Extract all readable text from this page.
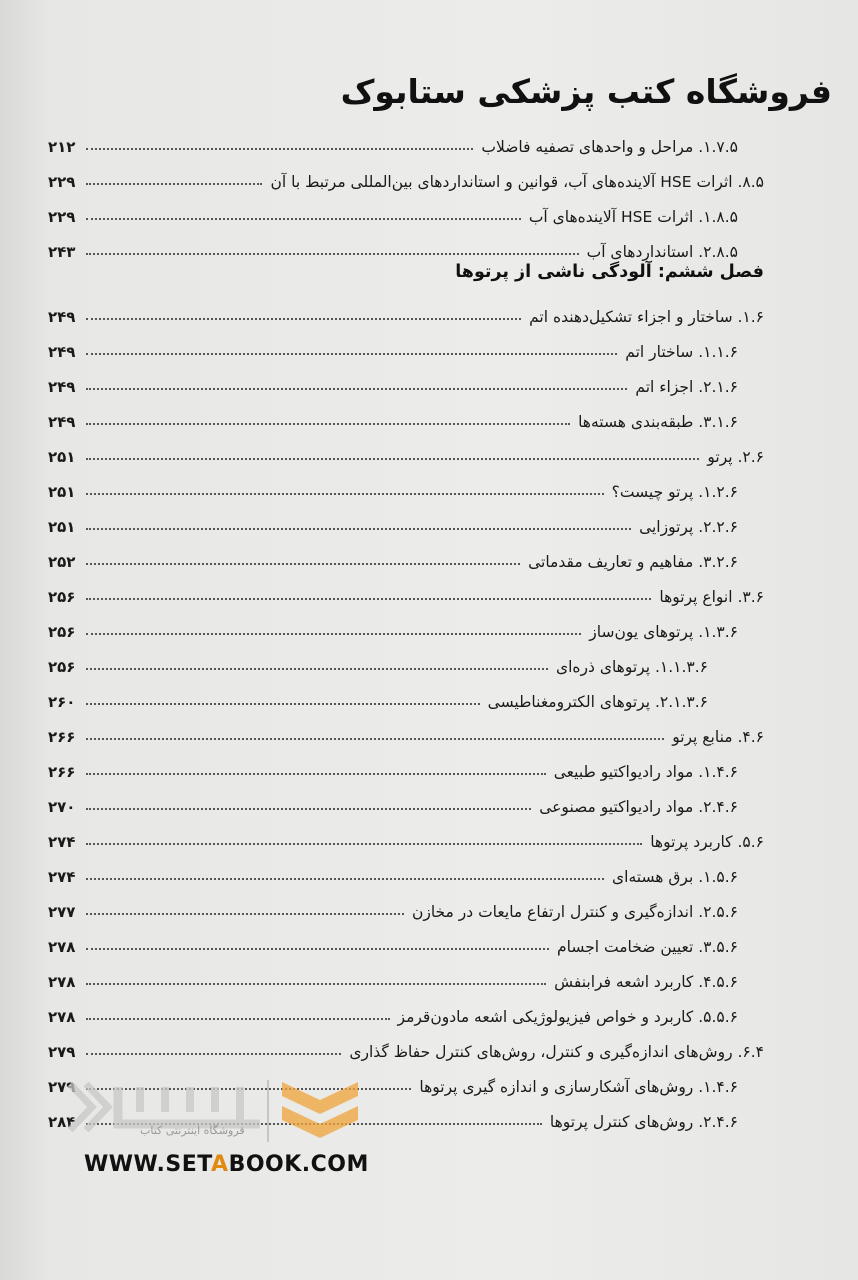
فروشگاه کتب پزشکی ستابوک
۱.۷.۵. مراحل و واحدهای تصفیه فاضلاب
۲۱۲
۸.۵. اثرات HSE آلاینده‌های آب، قوانین و استانداردهای بین‌المللی مرتبط با آن
۲۲۹
۱.۸.۵. اثرات HSE آلاینده‌های آب
۲۲۹
۲.۸.۵. استانداردهای آب
۲۴۳
فصل ششم: آلودگی ناشی از پرتوها
۱.۶. ساختار و اجزاء تشکیل‌دهنده اتم
۲۴۹
۱.۱.۶. ساختار اتم
۲۴۹
۲.۱.۶. اجزاء اتم
۲۴۹
۳.۱.۶. طبقه‌بندی هسته‌ها
۲۴۹
۲.۶. پرتو
۲۵۱
۱.۲.۶. پرتو چیست؟
۲۵۱
۲.۲.۶. پرتوزایی
۲۵۱
۳.۲.۶. مفاهیم و تعاریف مقدماتی
۲۵۲
۳.۶. انواع پرتوها
۲۵۶
۱.۳.۶. پرتوهای یون‌ساز
۲۵۶
۱.۱.۳.۶. پرتوهای ذره‌ای
۲۵۶
۲.۱.۳.۶. پرتوهای الکترومغناطیسی
۲۶۰
۴.۶. منابع پرتو
۲۶۶
۱.۴.۶. مواد رادیواکتیو طبیعی
۲۶۶
۲.۴.۶. مواد رادیواکتیو مصنوعی
۲۷۰
۵.۶. کاربرد پرتوها
۲۷۴
۱.۵.۶. برق هسته‌ای
۲۷۴
۲.۵.۶. اندازه‌گیری و کنترل ارتفاع مایعات در مخازن
۲۷۷
۳.۵.۶. تعیین ضخامت اجسام
۲۷۸
۴.۵.۶. کاربرد اشعه فرابنفش
۲۷۸
۵.۵.۶. کاربرد و خواص فیزیولوژیکی اشعه مادون‌قرمز
۲۷۸
۶.۴. روش‌های اندازه‌گیری و کنترل، روش‌های کنترل حفاظ گذاری
۲۷۹
۱.۴.۶. روش‌های آشکارسازی و اندازه گیری پرتوها
۲۷۹
۲.۴.۶. روش‌های کنترل پرتوها
۲۸۴	فروشگاه اینترنتی کتاب
WWW.SETABOOK.COM
